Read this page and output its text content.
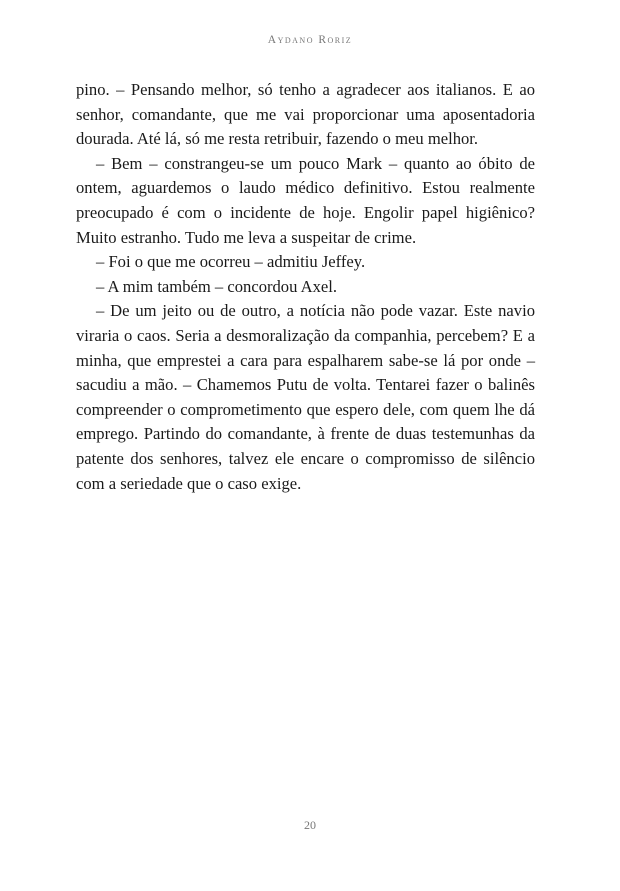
Aydano Roriz

pino. – Pensando melhor, só tenho a agradecer aos italianos. E ao senhor, comandante, que me vai proporcionar uma aposentadoria dourada. Até lá, só me resta retribuir, fazendo o meu melhor.

– Bem – constrangeu-se um pouco Mark – quanto ao óbito de ontem, aguardemos o laudo médico definitivo. Estou realmente preocupado é com o incidente de hoje. Engolir papel higiênico? Muito estranho. Tudo me leva a suspeitar de crime.

– Foi o que me ocorreu – admitiu Jeffey.

– A mim também – concordou Axel.

– De um jeito ou de outro, a notícia não pode vazar. Este navio viraria o caos. Seria a desmoralização da companhia, percebem? E a minha, que emprestei a cara para espalharem sabe-se lá por onde – sacudiu a mão. – Chamemos Putu de volta. Tentarei fazer o balinês compreender o comprometimento que espero dele, com quem lhe dá emprego. Partindo do comandante, à frente de duas testemunhas da patente dos senhores, talvez ele encare o compromisso de silêncio com a seriedade que o caso exige.

20
